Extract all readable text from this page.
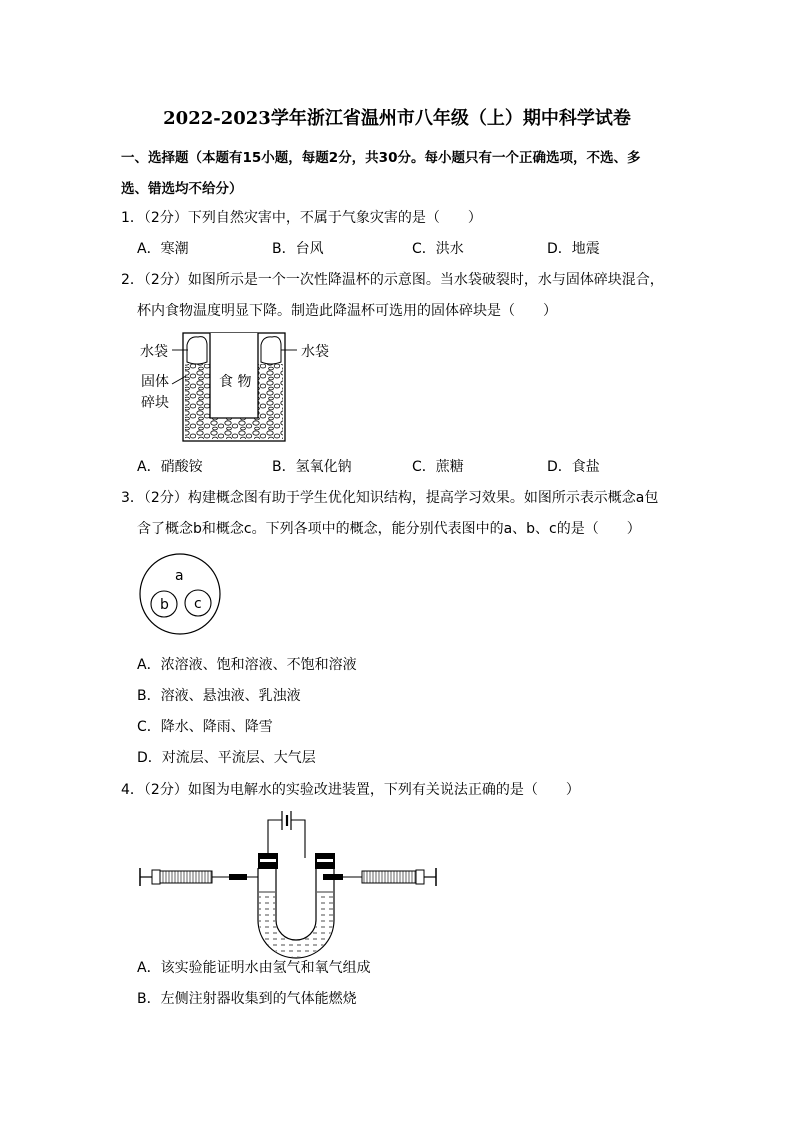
2022-2023学年浙江省温州市八年级（上）期中科学试卷
一、选择题（本题有15小题，每题2分，共30分。每小题只有一个正确选项，不选、多
选、错选均不给分）
1．（2分）下列自然灾害中，不属于气象灾害的是（　　）
A．寒潮	B．台风	C．洪水	D．地震
2．（2分）如图所示是一个一次性降温杯的示意图。当水袋破裂时，水与固体碎块混合，
杯内食物温度明显下降。制造此降温杯可选用的固体碎块是（　　）
水袋	水袋
固体
碎块
食 物
A．硝酸铵	B．氢氧化钠	C．蔗糖	D．食盐
3．（2分）构建概念图有助于学生优化知识结构，提高学习效果。如图所示表示概念a包
含了概念b和概念c。下列各项中的概念，能分别代表图中的a、b、c的是（　　）
a
b c
A．浓溶液、饱和溶液、不饱和溶液
B．溶液、悬浊液、乳浊液
C．降水、降雨、降雪
D．对流层、平流层、大气层
4．（2分）如图为电解水的实验改进装置，下列有关说法正确的是（　　）
A．该实验能证明水由氢气和氧气组成
B．左侧注射器收集到的气体能燃烧
